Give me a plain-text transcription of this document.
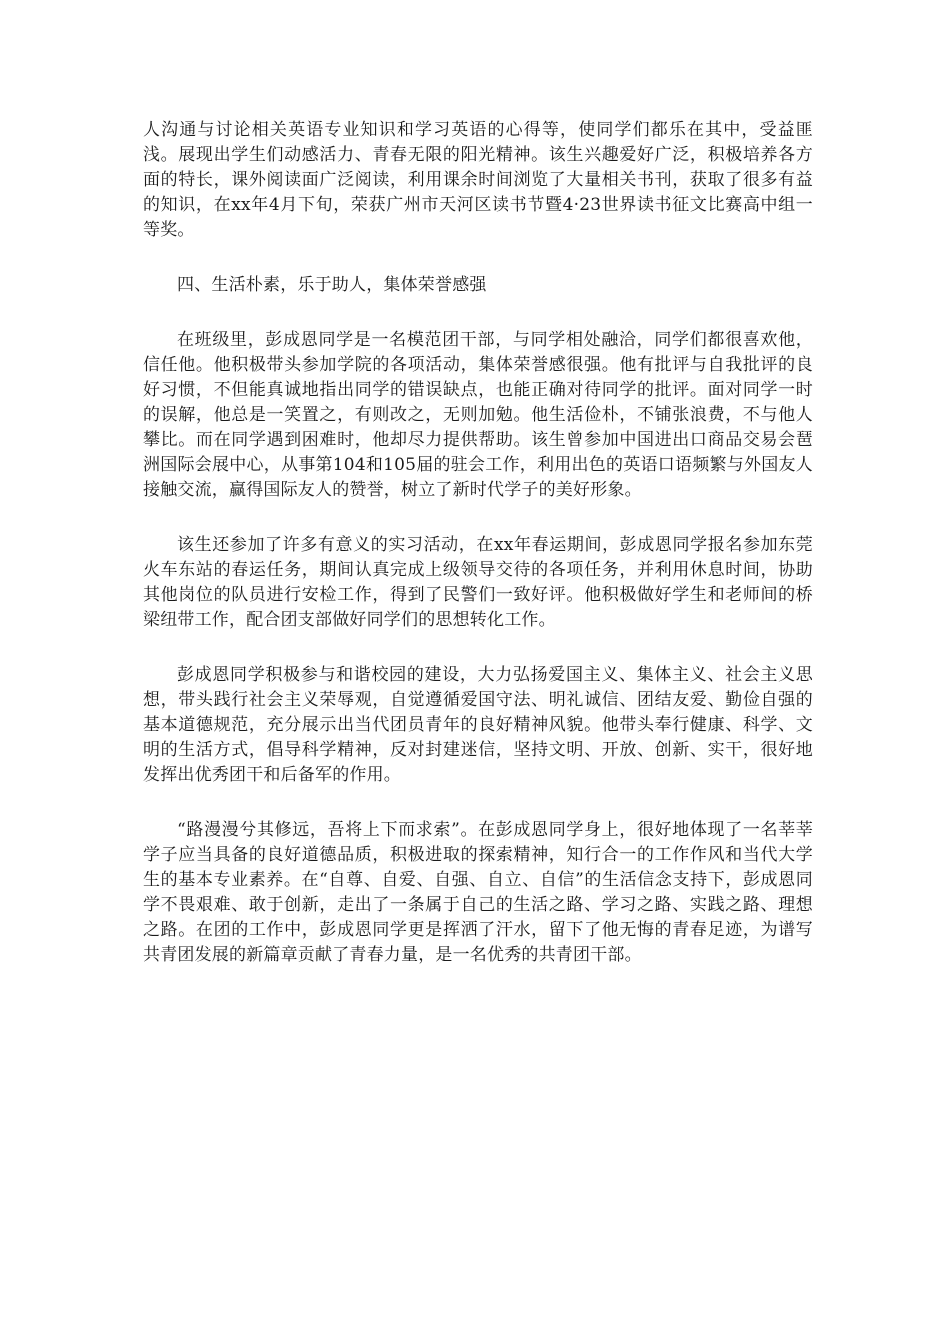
人沟通与讨论相关英语专业知识和学习英语的心得等，使同学们都乐在其中，受益匪浅。展现出学生们动感活力、青春无限的阳光精神。该生兴趣爱好广泛，积极培养各方面的特长，课外阅读面广泛阅读，利用课余时间浏览了大量相关书刊，获取了很多有益的知识，在xx年4月下旬，荣获广州市天河区读书节暨4·23世界读书征文比赛高中组一等奖。

四、生活朴素，乐于助人，集体荣誉感强

在班级里，彭成恩同学是一名模范团干部，与同学相处融洽，同学们都很喜欢他，信任他。他积极带头参加学院的各项活动，集体荣誉感很强。他有批评与自我批评的良好习惯，不但能真诚地指出同学的错误缺点，也能正确对待同学的批评。面对同学一时的误解，他总是一笑置之，有则改之，无则加勉。他生活俭朴，不铺张浪费，不与他人攀比。而在同学遇到困难时，他却尽力提供帮助。该生曾参加中国进出口商品交易会琶洲国际会展中心，从事第104和105届的驻会工作，利用出色的英语口语频繁与外国友人接触交流，赢得国际友人的赞誉，树立了新时代学子的美好形象。

该生还参加了许多有意义的实习活动，在xx年春运期间，彭成恩同学报名参加东莞火车东站的春运任务，期间认真完成上级领导交待的各项任务，并利用休息时间，协助其他岗位的队员进行安检工作，得到了民警们一致好评。他积极做好学生和老师间的桥梁纽带工作，配合团支部做好同学们的思想转化工作。

彭成恩同学积极参与和谐校园的建设，大力弘扬爱国主义、集体主义、社会主义思想，带头践行社会主义荣辱观，自觉遵循爱国守法、明礼诚信、团结友爱、勤俭自强的基本道德规范，充分展示出当代团员青年的良好精神风貌。他带头奉行健康、科学、文明的生活方式，倡导科学精神，反对封建迷信，坚持文明、开放、创新、实干，很好地发挥出优秀团干和后备军的作用。

“路漫漫兮其修远，吾将上下而求索”。在彭成恩同学身上，很好地体现了一名莘莘学子应当具备的良好道德品质，积极进取的探索精神，知行合一的工作作风和当代大学生的基本专业素养。在“自尊、自爱、自强、自立、自信”的生活信念支持下，彭成恩同学不畏艰难、敢于创新，走出了一条属于自己的生活之路、学习之路、实践之路、理想之路。在团的工作中，彭成恩同学更是挥洒了汗水，留下了他无悔的青春足迹，为谱写共青团发展的新篇章贡献了青春力量，是一名优秀的共青团干部。
